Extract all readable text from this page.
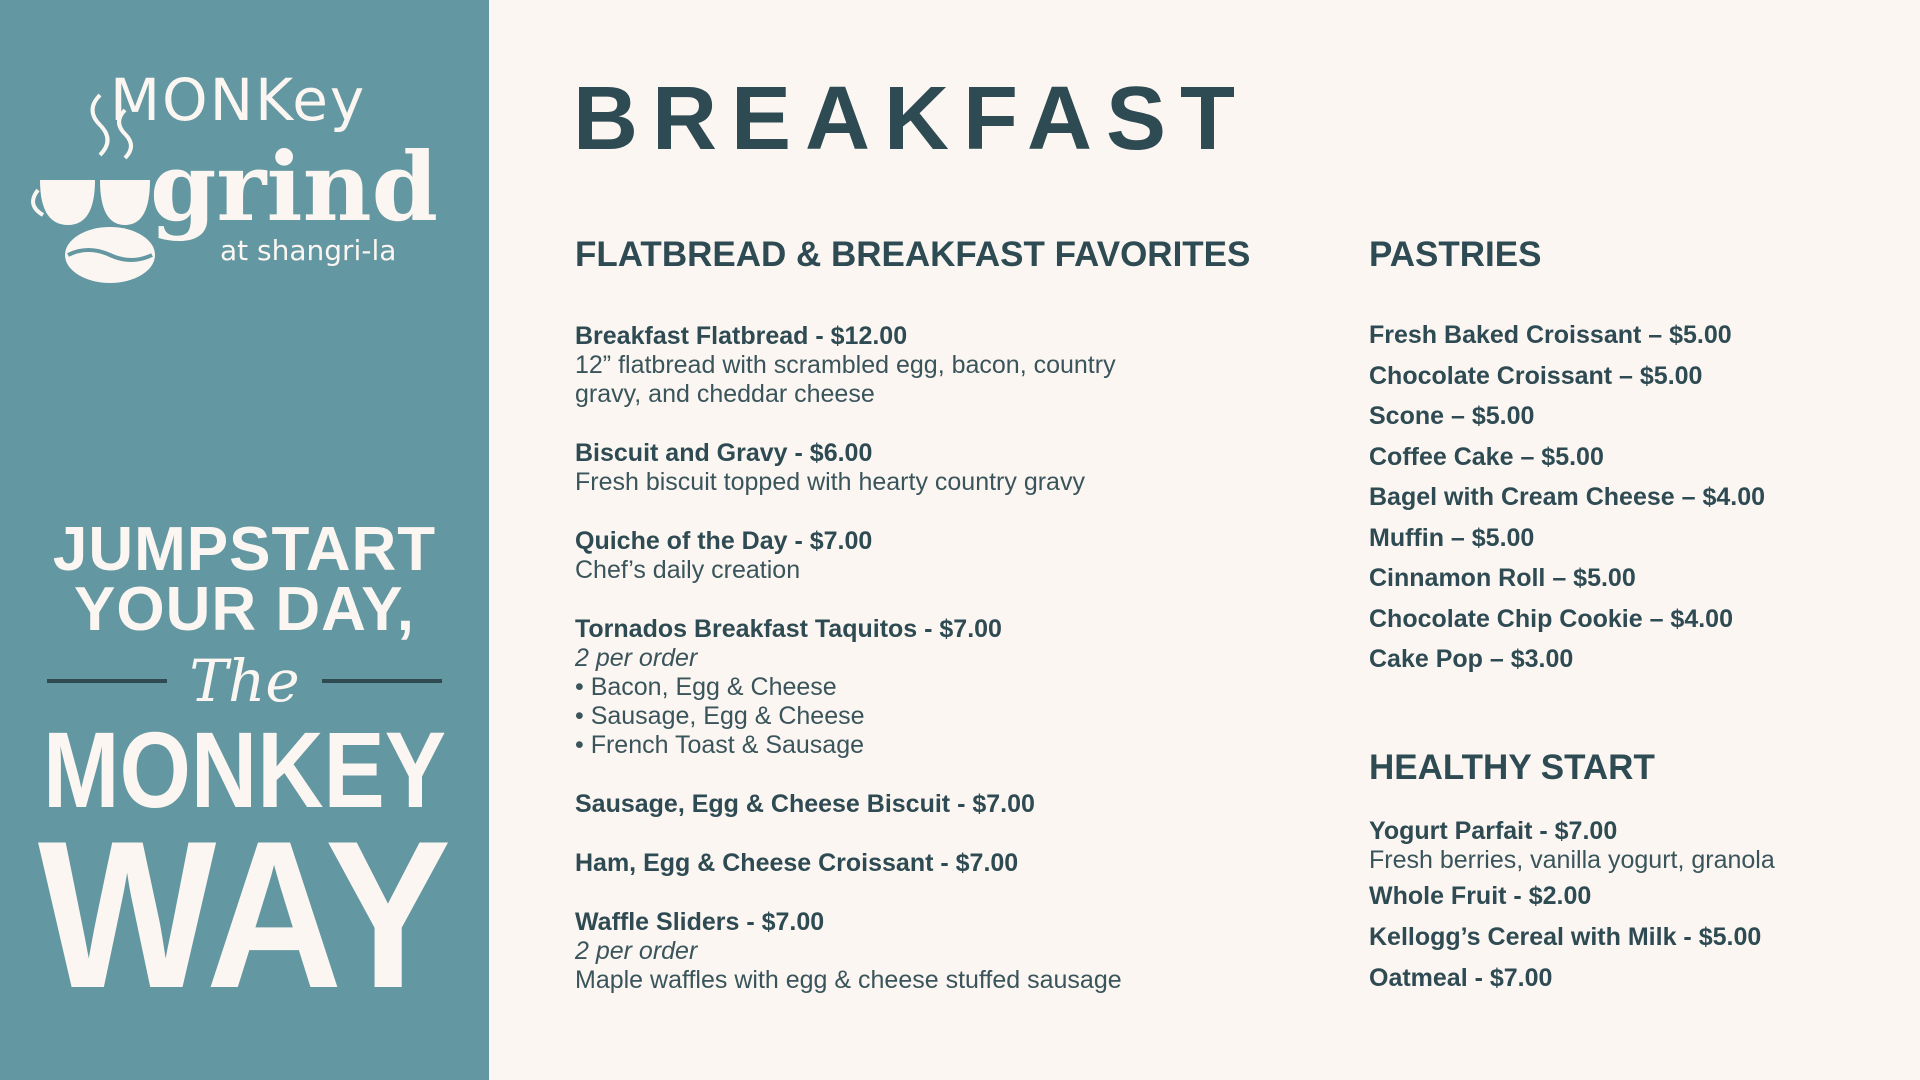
MONKey
grind
at shangri-la
JUMPSTART
YOUR DAY,
The
MONKEY
WAY
BREAKFAST
FLATBREAD & BREAKFAST FAVORITES
Breakfast Flatbread - $12.00
12” flatbread with scrambled egg, bacon, country
gravy, and cheddar cheese
Biscuit and Gravy - $6.00
Fresh biscuit topped with hearty country gravy
Quiche of the Day - $7.00
Chef’s daily creation
Tornados Breakfast Taquitos - $7.00
2 per order
• Bacon, Egg & Cheese
• Sausage, Egg & Cheese
• French Toast & Sausage
Sausage, Egg & Cheese Biscuit - $7.00
Ham, Egg & Cheese Croissant - $7.00
Waffle Sliders - $7.00
2 per order
Maple waffles with egg & cheese stuffed sausage
PASTRIES
Fresh Baked Croissant – $5.00
Chocolate Croissant – $5.00
Scone – $5.00
Coffee Cake – $5.00
Bagel with Cream Cheese – $4.00
Muffin – $5.00
Cinnamon Roll – $5.00
Chocolate Chip Cookie – $4.00
Cake Pop – $3.00
HEALTHY START
Yogurt Parfait - $7.00
Fresh berries, vanilla yogurt, granola
Whole Fruit - $2.00
Kellogg’s Cereal with Milk - $5.00
Oatmeal - $7.00
